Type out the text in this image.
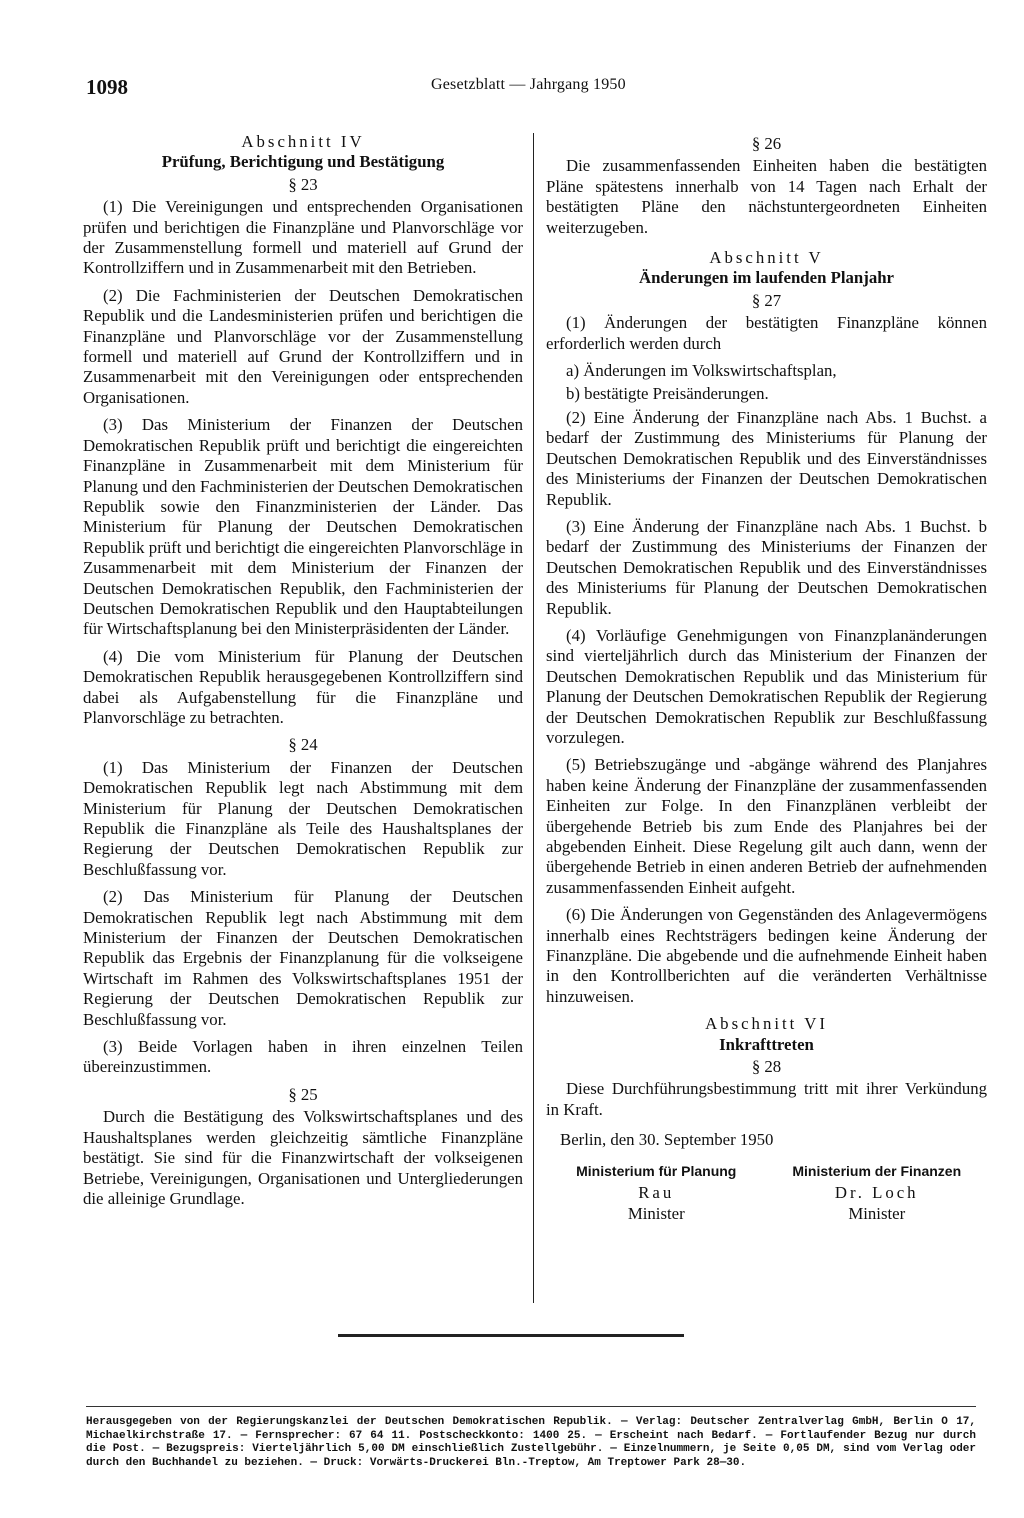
1098	Gesetzblatt — Jahrgang 1950
Abschnitt IV
Prüfung, Berichtigung und Bestätigung
§ 23

(1) Die Vereinigungen und entsprechenden Organisationen prüfen und berichtigen die Finanzpläne und Planvorschläge vor der Zusammenstellung formell und materiell auf Grund der Kontrollziffern und in Zusammenarbeit mit den Betrieben.

(2) Die Fachministerien der Deutschen Demokratischen Republik und die Landesministerien prüfen und berichtigen die Finanzpläne und Planvorschläge vor der Zusammenstellung formell und materiell auf Grund der Kontrollziffern und in Zusammenarbeit mit den Vereinigungen oder entsprechenden Organisationen.

(3) Das Ministerium der Finanzen der Deutschen Demokratischen Republik prüft und berichtigt die eingereichten Finanzpläne in Zusammenarbeit mit dem Ministerium für Planung und den Fachministerien der Deutschen Demokratischen Republik sowie den Finanzministerien der Länder. Das Ministerium für Planung der Deutschen Demokratischen Republik prüft und berichtigt die eingereichten Planvorschläge in Zusammenarbeit mit dem Ministerium der Finanzen der Deutschen Demokratischen Republik, den Fachministerien der Deutschen Demokratischen Republik und den Hauptabteilungen für Wirtschaftsplanung bei den Ministerpräsidenten der Länder.

(4) Die vom Ministerium für Planung der Deutschen Demokratischen Republik herausgegebenen Kontrollziffern sind dabei als Aufgabenstellung für die Finanzpläne und Planvorschläge zu betrachten.

§ 24

(1) Das Ministerium der Finanzen der Deutschen Demokratischen Republik legt nach Abstimmung mit dem Ministerium für Planung der Deutschen Demokratischen Republik die Finanzpläne als Teile des Haushaltsplanes der Regierung der Deutschen Demokratischen Republik zur Beschlußfassung vor.

(2) Das Ministerium für Planung der Deutschen Demokratischen Republik legt nach Abstimmung mit dem Ministerium der Finanzen der Deutschen Demokratischen Republik das Ergebnis der Finanzplanung für die volkseigene Wirtschaft im Rahmen des Volkswirtschaftsplanes 1951 der Regierung der Deutschen Demokratischen Republik zur Beschlußfassung vor.

(3) Beide Vorlagen haben in ihren einzelnen Teilen übereinzustimmen.

§ 25

Durch die Bestätigung des Volkswirtschaftsplanes und des Haushaltsplanes werden gleichzeitig sämtliche Finanzpläne bestätigt. Sie sind für die Finanzwirtschaft der volkseigenen Betriebe, Vereinigungen, Organisationen und Untergliederungen die alleinige Grundlage.

§ 26

Die zusammenfassenden Einheiten haben die bestätigten Pläne spätestens innerhalb von 14 Tagen nach Erhalt der bestätigten Pläne den nächstuntergeordneten Einheiten weiterzugeben.

Abschnitt V
Änderungen im laufenden Planjahr
§ 27

(1) Änderungen der bestätigten Finanzpläne können erforderlich werden durch

a) Änderungen im Volkswirtschaftsplan,

b) bestätigte Preisänderungen.

(2) Eine Änderung der Finanzpläne nach Abs. 1 Buchst. a bedarf der Zustimmung des Ministeriums für Planung der Deutschen Demokratischen Republik und des Einverständnisses des Ministeriums der Finanzen der Deutschen Demokratischen Republik.

(3) Eine Änderung der Finanzpläne nach Abs. 1 Buchst. b bedarf der Zustimmung des Ministeriums der Finanzen der Deutschen Demokratischen Republik und des Einverständnisses des Ministeriums für Planung der Deutschen Demokratischen Republik.

(4) Vorläufige Genehmigungen von Finanzplanänderungen sind vierteljährlich durch das Ministerium der Finanzen der Deutschen Demokratischen Republik und das Ministerium für Planung der Deutschen Demokratischen Republik der Regierung der Deutschen Demokratischen Republik zur Beschlußfassung vorzulegen.

(5) Betriebszugänge und -abgänge während des Planjahres haben keine Änderung der Finanzpläne der zusammenfassenden Einheiten zur Folge. In den Finanzplänen verbleibt der übergehende Betrieb bis zum Ende des Planjahres bei der abgebenden Einheit. Diese Regelung gilt auch dann, wenn der übergehende Betrieb in einen anderen Betrieb der aufnehmenden zusammenfassenden Einheit aufgeht.

(6) Die Änderungen von Gegenständen des Anlagevermögens innerhalb eines Rechtsträgers bedingen keine Änderung der Finanzpläne. Die abgebende und die aufnehmende Einheit haben in den Kontrollberichten auf die veränderten Verhältnisse hinzuweisen.

Abschnitt VI
Inkrafttreten
§ 28

Diese Durchführungsbestimmung tritt mit ihrer Verkündung in Kraft.

Berlin, den 30. September 1950

Ministerium für Planung
Rau
Minister
Ministerium der Finanzen
Dr. Loch
Minister
Herausgegeben von der Regierungskanzlei der Deutschen Demokratischen Republik. — Verlag: Deutscher Zentralverlag GmbH, Berlin O 17, Michaelkirchstraße 17. — Fernsprecher: 67 64 11. Postscheckkonto: 1400 25. — Erscheint nach Bedarf. — Fortlaufender Bezug nur durch die Post. — Bezugspreis: Vierteljährlich 5,00 DM einschließlich Zustellgebühr. — Einzelnummern, je Seite 0,05 DM, sind vom Verlag oder durch den Buchhandel zu beziehen. — Druck: Vorwärts-Druckerei Bln.-Treptow, Am Treptower Park 28—30.
